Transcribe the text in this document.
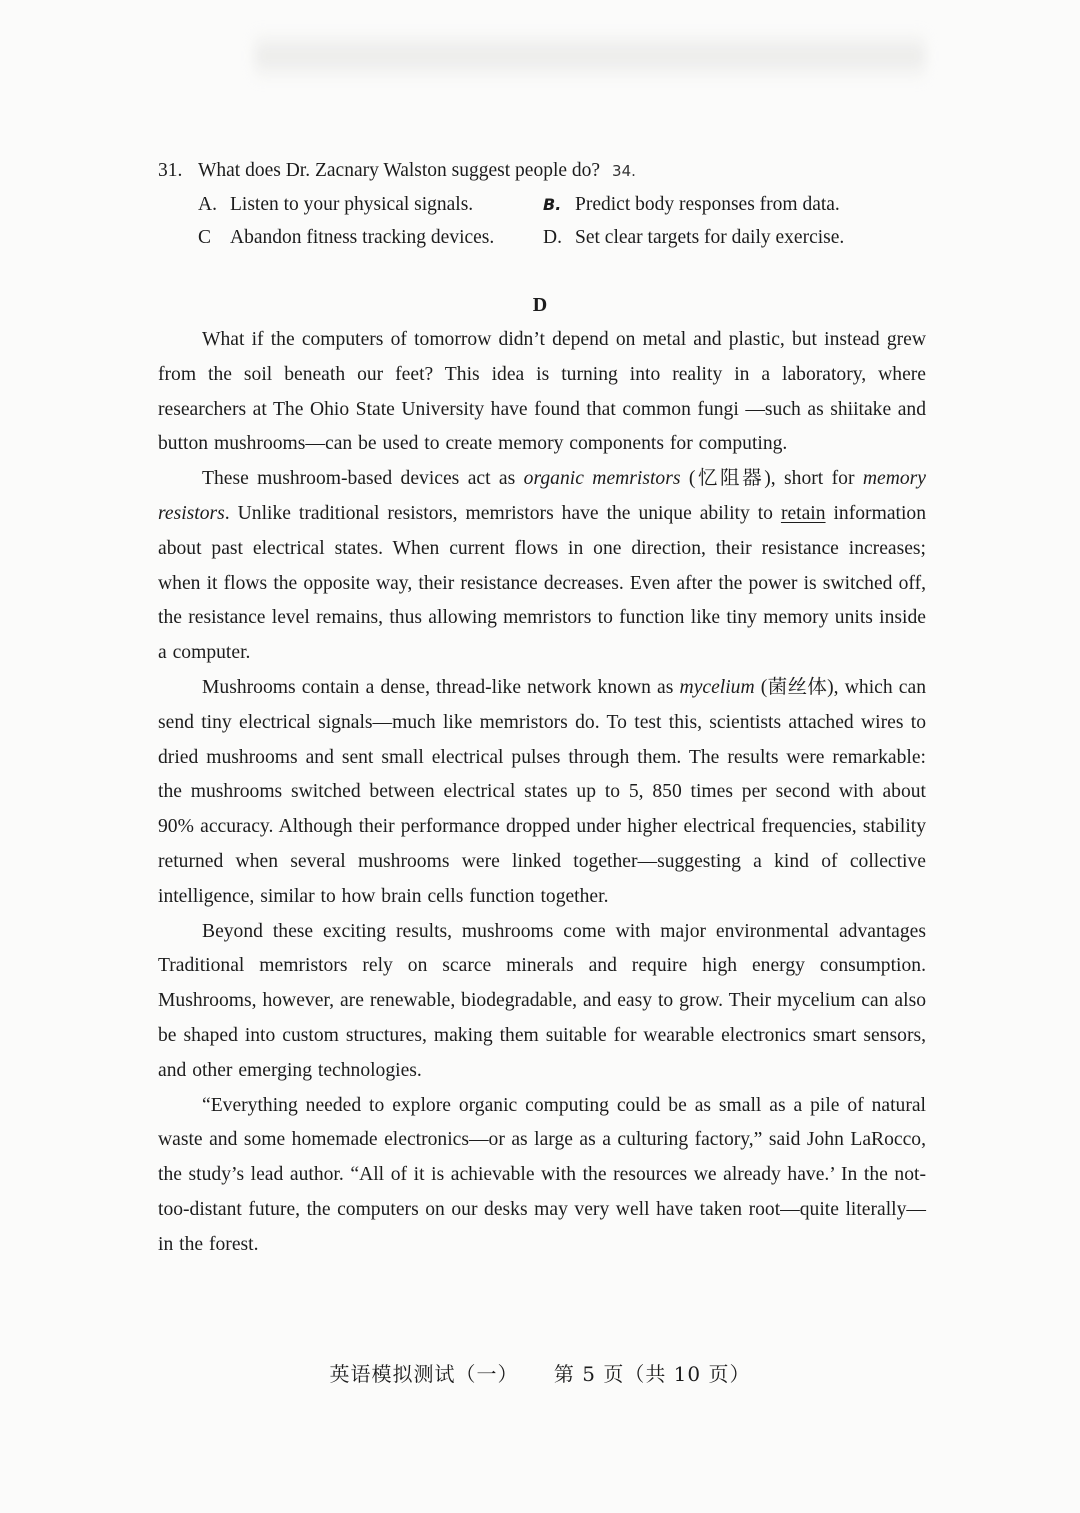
31. What does Dr. Zacnary Walston suggest people do? 34.
A. Listen to your physical signals.	B. Predict body responses from data.
C Abandon fitness tracking devices. D. Set clear targets for daily exercise.
D

What if the computers of tomorrow didn’t depend on metal and plastic, but instead grew from the soil beneath our feet? This idea is turning into reality in a laboratory, where researchers at The Ohio State University have found that common fungi —such as shiitake and button mushrooms—can be used to create memory components for computing.

These mushroom-based devices act as organic memristors (忆阻器), short for memory resistors. Unlike traditional resistors, memristors have the unique ability to retain information about past electrical states. When current flows in one direction, their resistance increases; when it flows the opposite way, their resistance decreases. Even after the power is switched off, the resistance level remains, thus allowing memristors to function like tiny memory units inside a computer.

Mushrooms contain a dense, thread-like network known as mycelium (菌丝体), which can send tiny electrical signals—much like memristors do. To test this, scientists attached wires to dried mushrooms and sent small electrical pulses through them. The results were remarkable: the mushrooms switched between electrical states up to 5, 850 times per second with about 90% accuracy. Although their performance dropped under higher electrical frequencies, stability returned when several mushrooms were linked together—suggesting a kind of collective intelligence, similar to how brain cells function together.

Beyond these exciting results, mushrooms come with major environmental advantages Traditional memristors rely on scarce minerals and require high energy consumption. Mushrooms, however, are renewable, biodegradable, and easy to grow. Their mycelium can also be shaped into custom structures, making them suitable for wearable electronics smart sensors, and other emerging technologies.

“Everything needed to explore organic computing could be as small as a pile of natural waste and some homemade electronics—or as large as a culturing factory,” said John LaRocco, the study’s lead author. “All of it is achievable with the resources we already have.’ In the not-too-distant future, the computers on our desks may very well have taken root—quite literally—in the forest.

英语模拟测试（一） 第 5 页（共 10 页）
